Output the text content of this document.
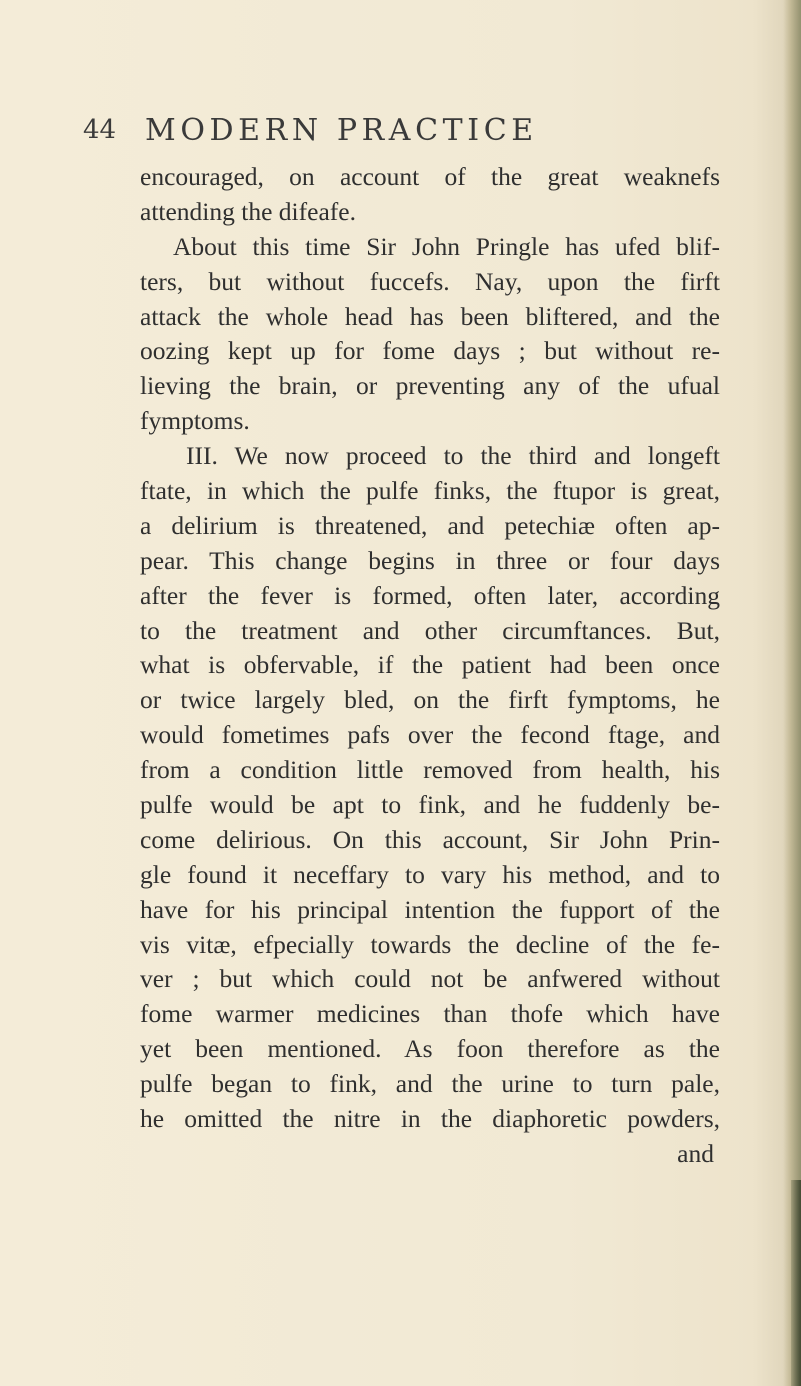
44 MODERN PRACTICE
encouraged, on account of the great weaknefs
attending the difeafe.
About this time Sir John Pringle has ufed blif-
ters, but without fuccefs. Nay, upon the firft
attack the whole head has been bliftered, and the
oozing kept up for fome days ; but without re-
lieving the brain, or preventing any of the ufual
fymptoms.
III. We now proceed to the third and longeft
ftate, in which the pulfe finks, the ftupor is great,
a delirium is threatened, and petechiæ often ap-
pear. This change begins in three or four days
after the fever is formed, often later, according
to the treatment and other circumftances. But,
what is obfervable, if the patient had been once
or twice largely bled, on the firft fymptoms, he
would fometimes pafs over the fecond ftage, and
from a condition little removed from health, his
pulfe would be apt to fink, and he fuddenly be-
come delirious. On this account, Sir John Prin-
gle found it neceffary to vary his method, and to
have for his principal intention the fupport of the
vis vitæ, efpecially towards the decline of the fe-
ver ; but which could not be anfwered without
fome warmer medicines than thofe which have
yet been mentioned. As foon therefore as the
pulfe began to fink, and the urine to turn pale,
he omitted the nitre in the diaphoretic powders,
and
